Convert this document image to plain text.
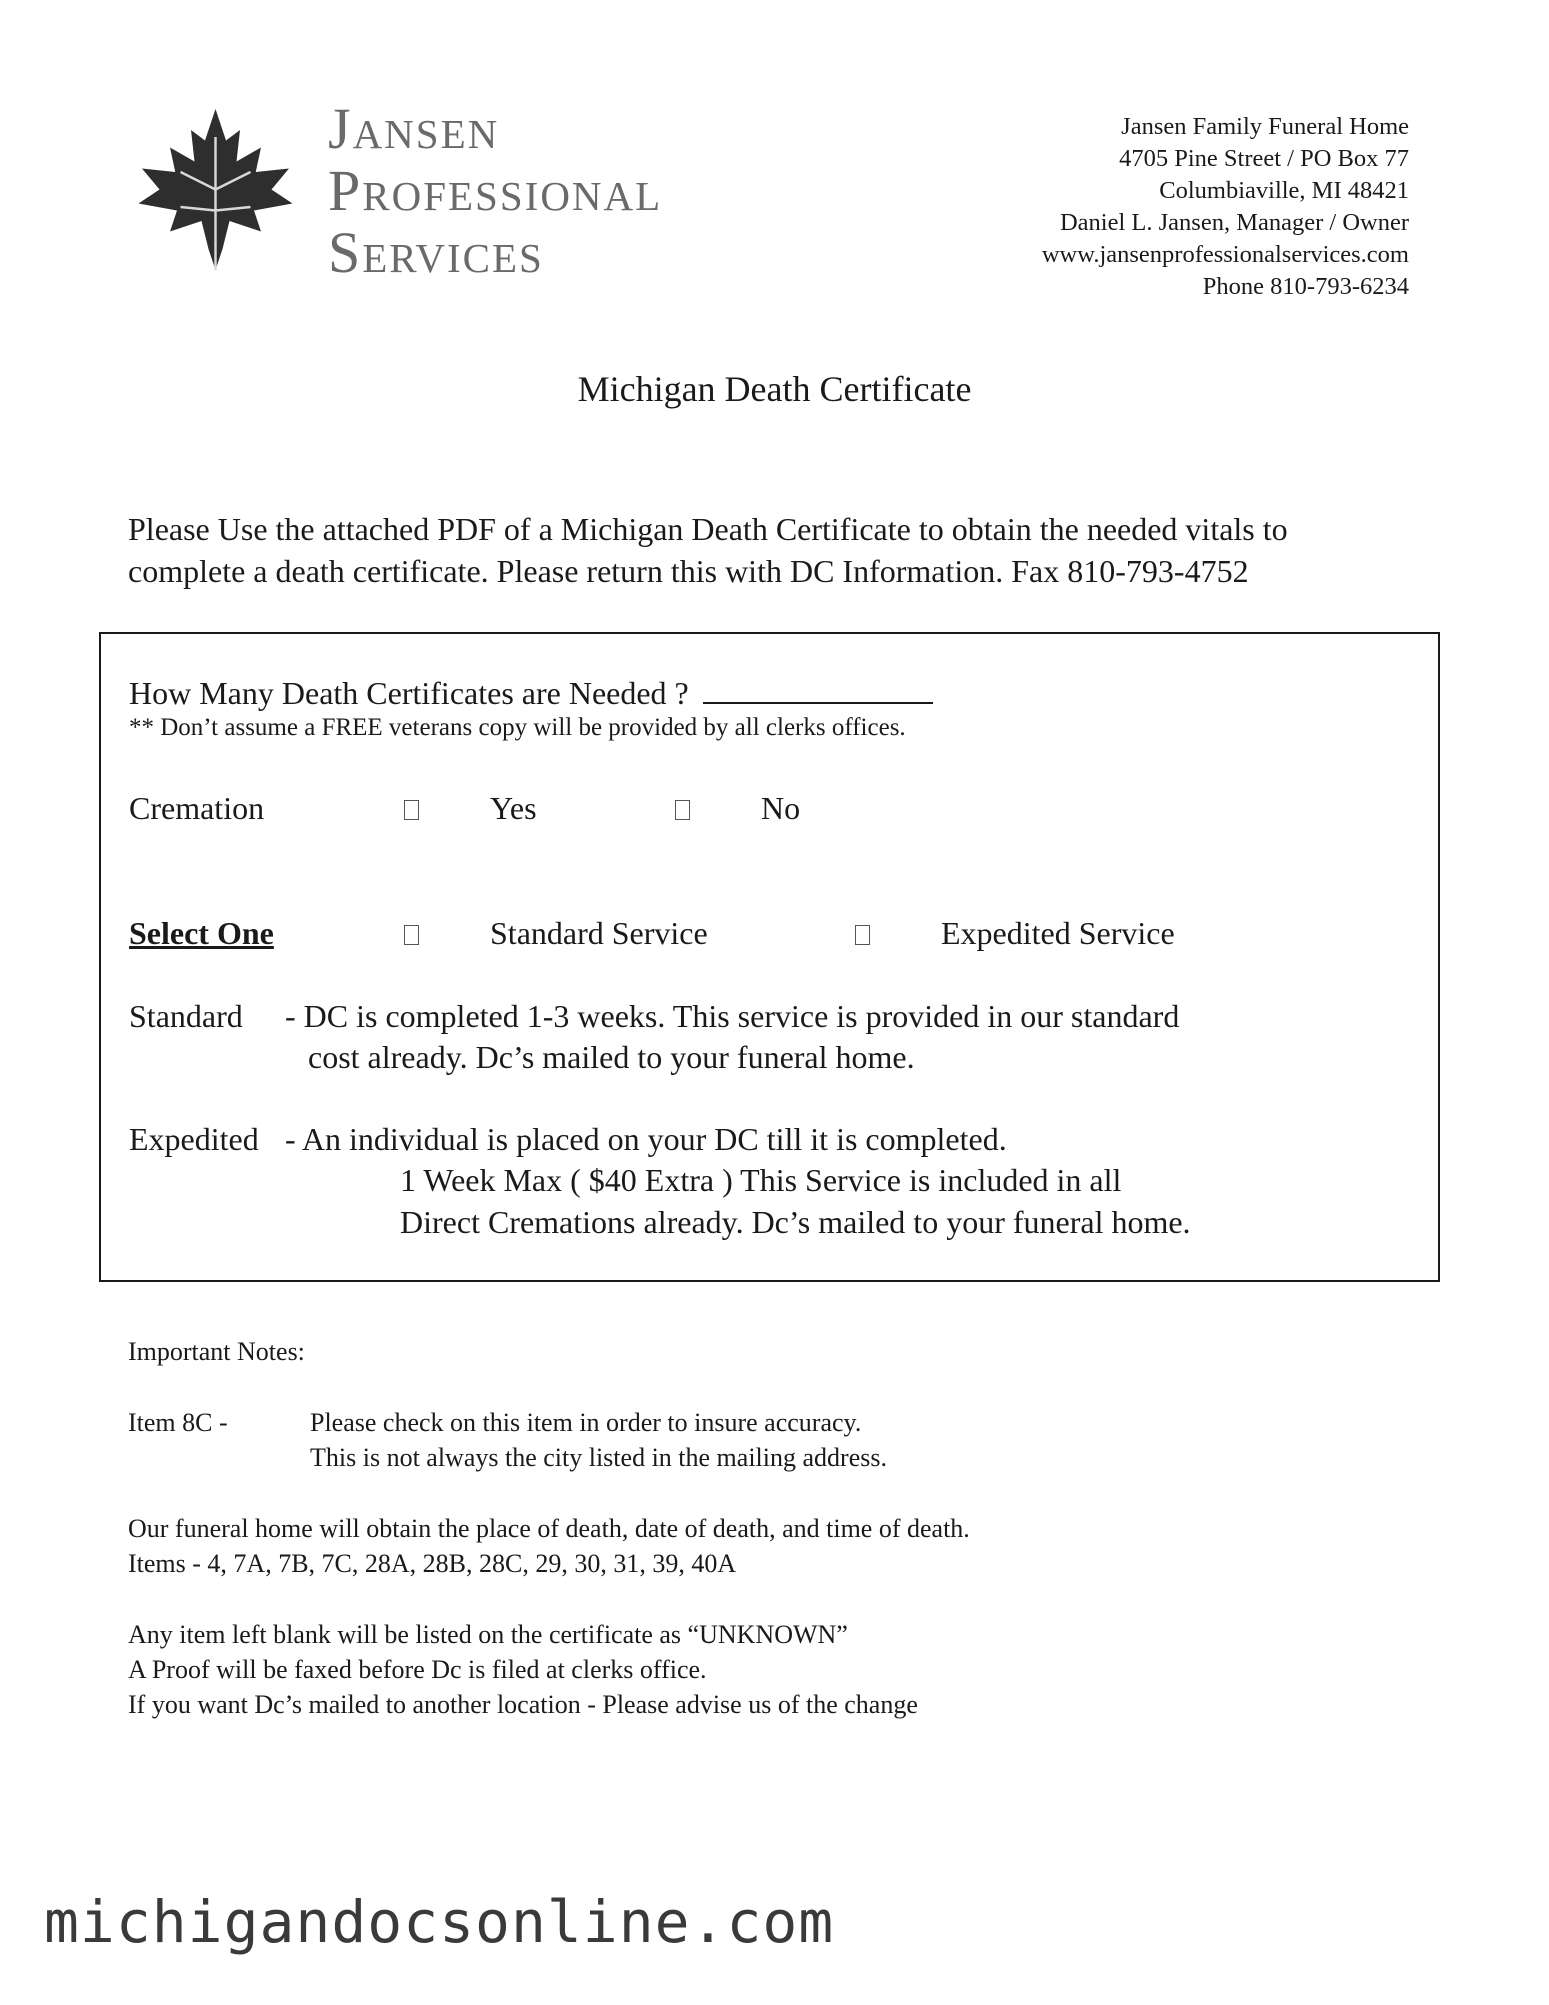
Jansen
Professional
Services
Jansen Family Funeral Home
4705 Pine Street / PO Box 77
Columbiaville, MI 48421
Daniel L. Jansen, Manager / Owner
www.jansenprofessionalservices.com
Phone 810-793-6234
Michigan Death Certificate
Please Use the attached PDF of a Michigan Death Certificate to obtain the needed vitals to
complete a death certificate. Please return this with DC Information. Fax 810-793-4752
How Many Death Certificates are Needed ?
** Don’t assume a FREE veterans copy will be provided by all clerks offices.
Cremation	Yes	No
Select One	Standard Service	Expedited Service
Standard - DC is completed 1-3 weeks. This service is provided in our standard
cost already. Dc’s mailed to your funeral home.
Expedited - An individual is placed on your DC till it is completed.
1 Week Max ( $40 Extra ) This Service is included in all
Direct Cremations already. Dc’s mailed to your funeral home.
Important Notes:
Item 8C -	Please check on this item in order to insure accuracy.
This is not always the city listed in the mailing address.
Our funeral home will obtain the place of death, date of death, and time of death.
Items - 4, 7A, 7B, 7C, 28A, 28B, 28C, 29, 30, 31, 39, 40A
Any item left blank will be listed on the certificate as “UNKNOWN”
A Proof will be faxed before Dc is filed at clerks office.
If you want Dc’s mailed to another location - Please advise us of the change
michigandocsonline.com
